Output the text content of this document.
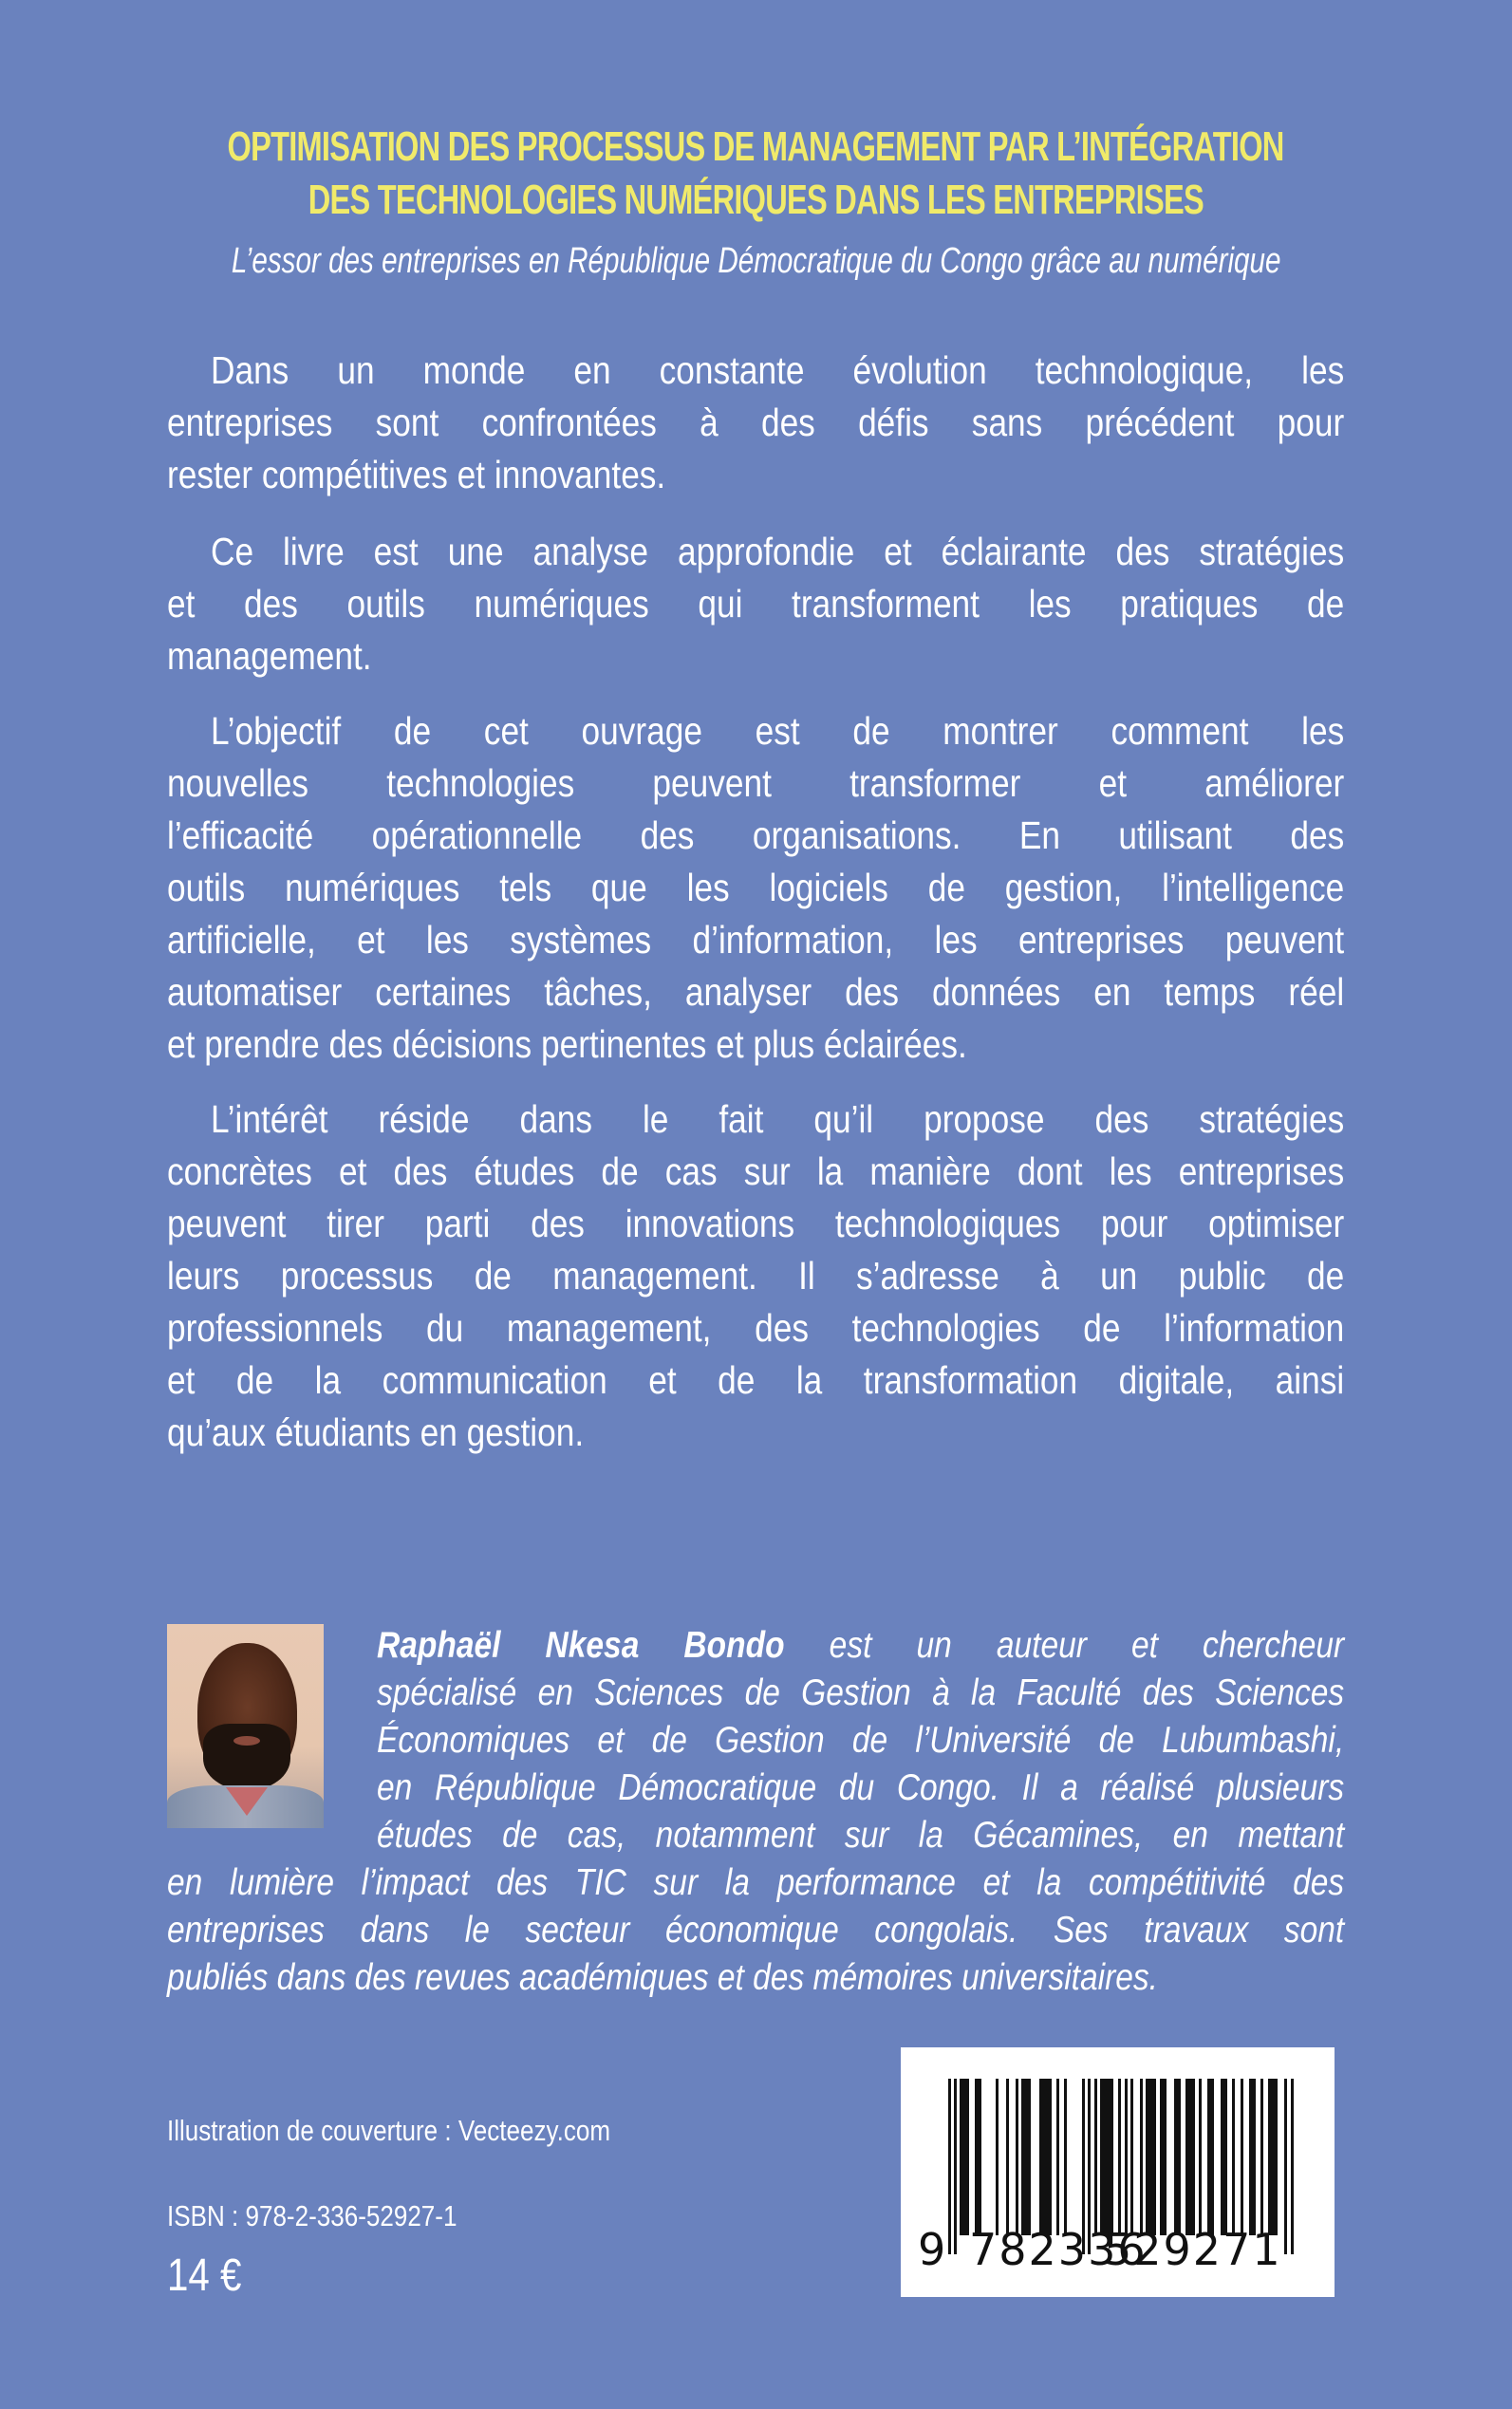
OPTIMISATION DES PROCESSUS DE MANAGEMENT PAR L’INTÉGRATION
DES TECHNOLOGIES NUMÉRIQUES DANS LES ENTREPRISES
L’essor des entreprises en République Démocratique du Congo grâce au numérique
Dans un monde en constante évolution technologique, les
entreprises sont confrontées à des défis sans précédent pour
rester compétitives et innovantes.
Ce livre est une analyse approfondie et éclairante des stratégies
et des outils numériques qui transforment les pratiques de
management.
L’objectif de cet ouvrage est de montrer comment les
nouvelles technologies peuvent transformer et améliorer
l’efficacité opérationnelle des organisations. En utilisant des
outils numériques tels que les logiciels de gestion, l’intelligence
artificielle, et les systèmes d’information, les entreprises peuvent
automatiser certaines tâches, analyser des données en temps réel
et prendre des décisions pertinentes et plus éclairées.
L’intérêt réside dans le fait qu’il propose des stratégies
concrètes et des études de cas sur la manière dont les entreprises
peuvent tirer parti des innovations technologiques pour optimiser
leurs processus de management. Il s’adresse à un public de
professionnels du management, des technologies de l’information
et de la communication et de la transformation digitale, ainsi
qu’aux étudiants en gestion.
Raphaël Nkesa Bondo est un auteur et chercheur
spécialisé en Sciences de Gestion à la Faculté des Sciences
Économiques et de Gestion de l’Université de Lubumbashi,
en République Démocratique du Congo. Il a réalisé plusieurs
études de cas, notamment sur la Gécamines, en mettant
en lumière l’impact des TIC sur la performance et la compétitivité des
entreprises dans le secteur économique congolais. Ses travaux sont
publiés dans des revues académiques et des mémoires universitaires.
Illustration de couverture : Vecteezy.com
ISBN : 978-2-336-52927-1
14 €
9 782336
529271
